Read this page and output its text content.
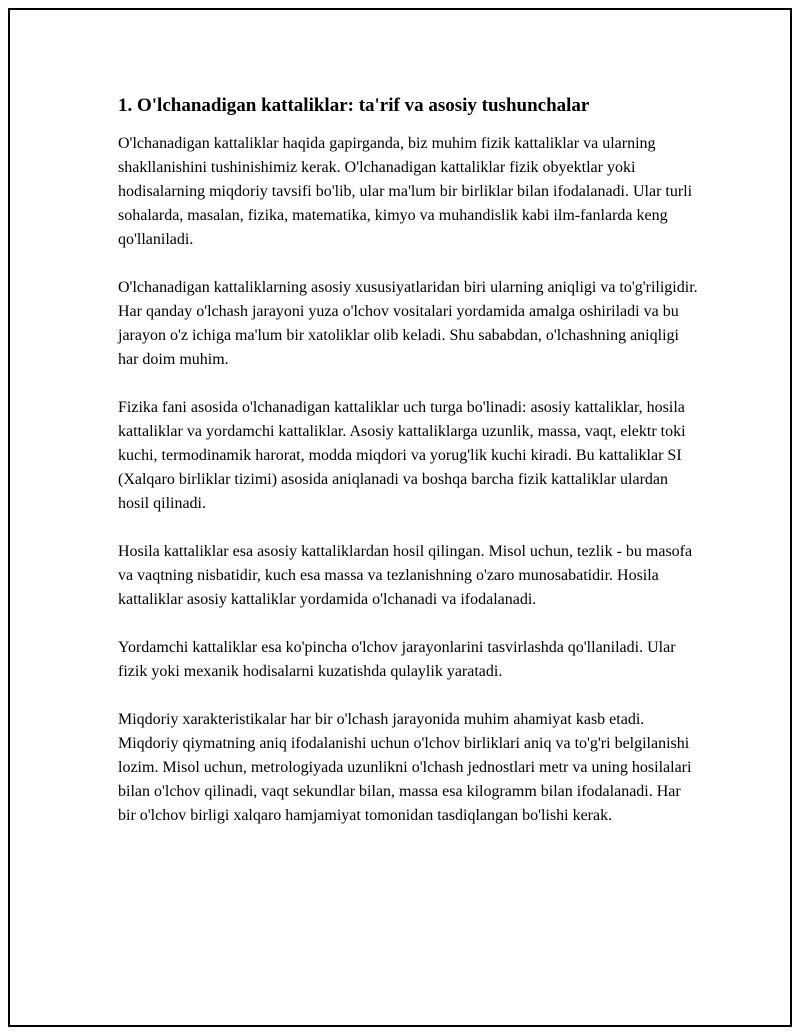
1. O'lchanadigan kattaliklar: ta'rif va asosiy tushunchalar

O'lchanadigan kattaliklar haqida gapirganda, biz muhim fizik kattaliklar va ularning shakllanishini tushinishimiz kerak. O'lchanadigan kattaliklar fizik obyektlar yoki hodisalarning miqdoriy tavsifi bo'lib, ular ma'lum bir birliklar bilan ifodalanadi. Ular turli sohalarda, masalan, fizika, matematika, kimyo va muhandislik kabi ilm-fanlarda keng qo'llaniladi.

O'lchanadigan kattaliklarning asosiy xususiyatlaridan biri ularning aniqligi va to'g'riligidir. Har qanday o'lchash jarayoni yuza o'lchov vositalari yordamida amalga oshiriladi va bu jarayon o'z ichiga ma'lum bir xatoliklar olib keladi. Shu sababdan, o'lchashning aniqligi har doim muhim.

Fizika fani asosida o'lchanadigan kattaliklar uch turga bo'linadi: asosiy kattaliklar, hosila kattaliklar va yordamchi kattaliklar. Asosiy kattaliklarga uzunlik, massa, vaqt, elektr toki kuchi, termodinamik harorat, modda miqdori va yorug'lik kuchi kiradi. Bu kattaliklar SI (Xalqaro birliklar tizimi) asosida aniqlanadi va boshqa barcha fizik kattaliklar ulardan hosil qilinadi.

Hosila kattaliklar esa asosiy kattaliklardan hosil qilingan. Misol uchun, tezlik - bu masofa va vaqtning nisbatidir, kuch esa massa va tezlanishning o'zaro munosabatidir. Hosila kattaliklar asosiy kattaliklar yordamida o'lchanadi va ifodalanadi.

Yordamchi kattaliklar esa ko'pincha o'lchov jarayonlarini tasvirlashda qo'llaniladi. Ular fizik yoki mexanik hodisalarni kuzatishda qulaylik yaratadi.

Miqdoriy xarakteristikalar har bir o'lchash jarayonida muhim ahamiyat kasb etadi. Miqdoriy qiymatning aniq ifodalanishi uchun o'lchov birliklari aniq va to'g'ri belgilanishi lozim. Misol uchun, metrologiyada uzunlikni o'lchash jednostlari metr va uning hosilalari bilan o'lchov qilinadi, vaqt sekundlar bilan, massa esa kilogramm bilan ifodalanadi. Har bir o'lchov birligi xalqaro hamjamiyat tomonidan tasdiqlangan bo'lishi kerak.
